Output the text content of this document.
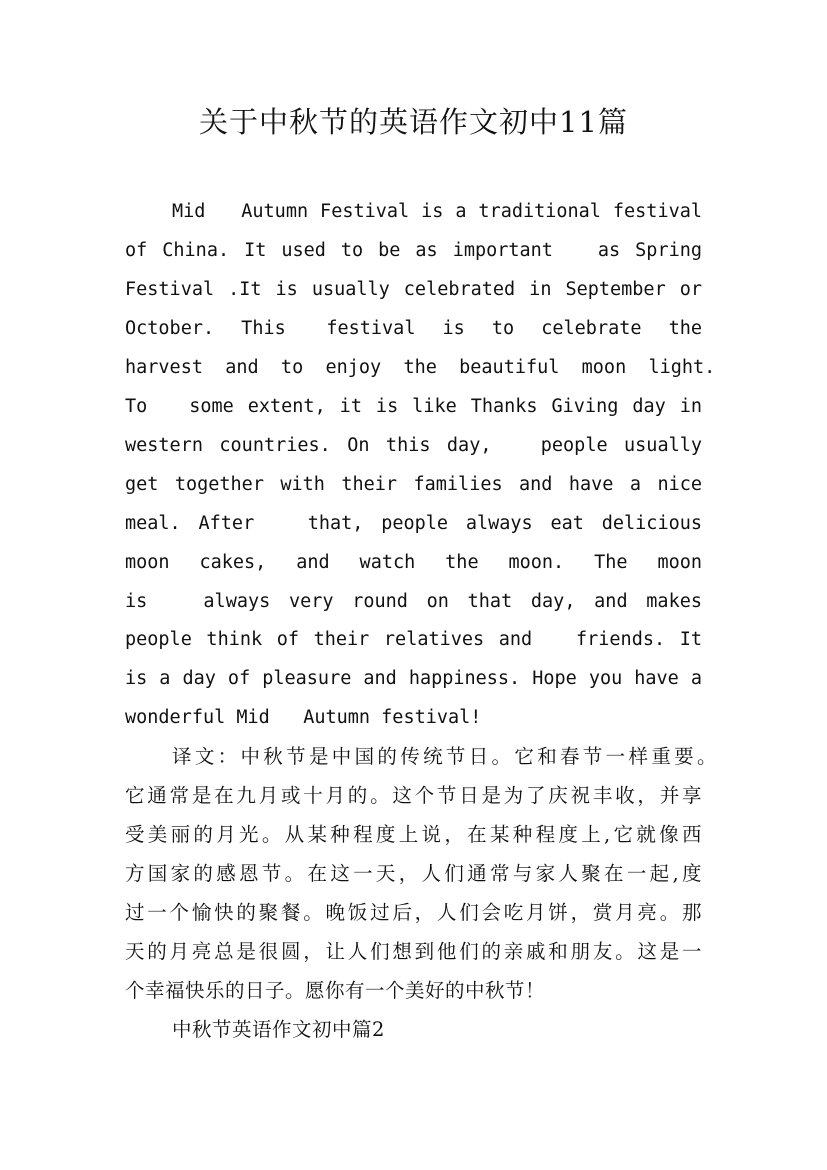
关于中秋节的英语作文初中11篇

Mid   Autumn Festival is a traditional festival

of China. It used to be as important   as Spring

Festival .It is usually celebrated in September or

October.  This   festival  is  to  celebrate  the

harvest  and  to  enjoy  the  beautiful  moon  light.

To   some extent, it is like Thanks Giving day in

western countries. On this day,   people usually

get together with their families and have a nice

meal. After   that, people always eat delicious

moon  cakes,  and  watch  the  moon.  The  moon

is   always very round on that day, and makes

people think of their relatives and   friends. It

is a day of pleasure and happiness. Hope you have a

wonderful Mid   Autumn festival!

译文：中秋节是中国的传统节日。它和春节一样重要。

它通常是在九月或十月的。这个节日是为了庆祝丰收，并享

受美丽的月光。从某种程度上说，在某种程度上,它就像西

方国家的感恩节。在这一天，人们通常与家人聚在一起,度

过一个愉快的聚餐。晚饭过后，人们会吃月饼，赏月亮。那

天的月亮总是很圆，让人们想到他们的亲戚和朋友。这是一

个幸福快乐的日子。愿你有一个美好的中秋节！

中秋节英语作文初中篇2
